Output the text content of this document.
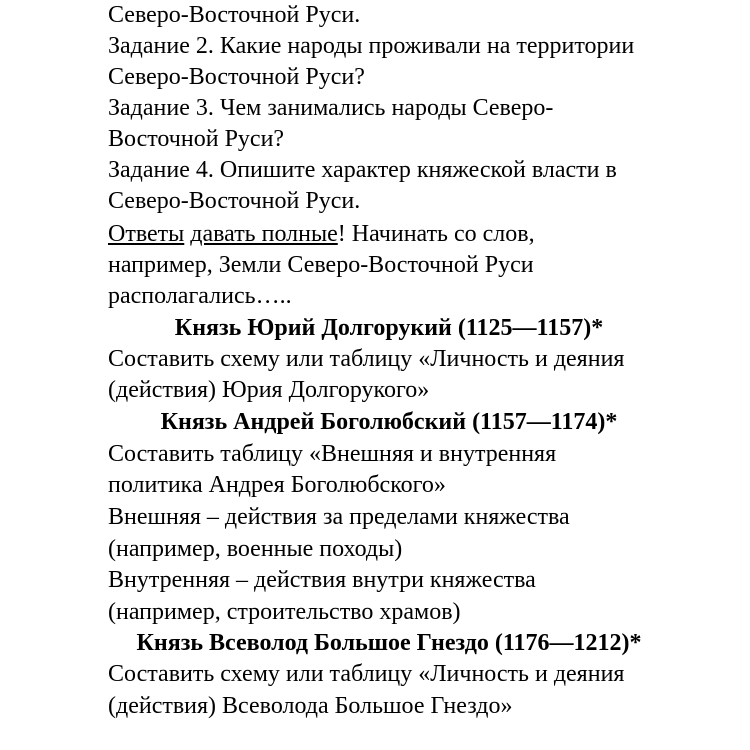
Северо-Восточной Руси.
Задание 2. Какие народы проживали на территории
Северо-Восточной Руси?
Задание 3. Чем занимались народы Северо-
Восточной Руси?
Задание 4. Опишите характер княжеской власти в
Северо-Восточной Руси.
Ответы давать полные! Начинать со слов,
например, Земли Северо-Восточной Руси
располагались…..
Князь Юрий Долгорукий (1125—1157)*
Составить схему или таблицу «Личность и деяния
(действия) Юрия Долгорукого»
Князь Андрей Боголюбский (1157—1174)*
Составить таблицу «Внешняя и внутренняя
политика Андрея Боголюбского»
Внешняя – действия за пределами княжества
(например, военные походы)
Внутренняя – действия внутри княжества
(например, строительство храмов)
Князь Всеволод Большое Гнездо (1176—1212)*
Составить схему или таблицу «Личность и деяния
(действия) Всеволода Большое Гнездо»
